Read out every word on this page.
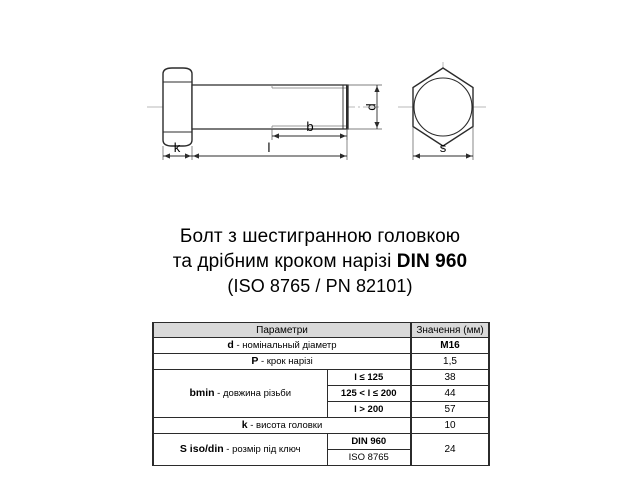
d
b
l
k	s
Болт з шестигранною головкою
та дрібним кроком нарізі DIN 960
(ISO 8765 / PN 82101)
Параметри		Значення (мм)
d - номінальный діаметр		M16
P - крок нарізі		1,5
bmin - довжина різьби	l ≤ 125	38
	125 < l ≤ 200	44
	l > 200	57
k - висота головки		10
S iso/din - розмір під ключ	DIN 960	24
	ISO 8765	
